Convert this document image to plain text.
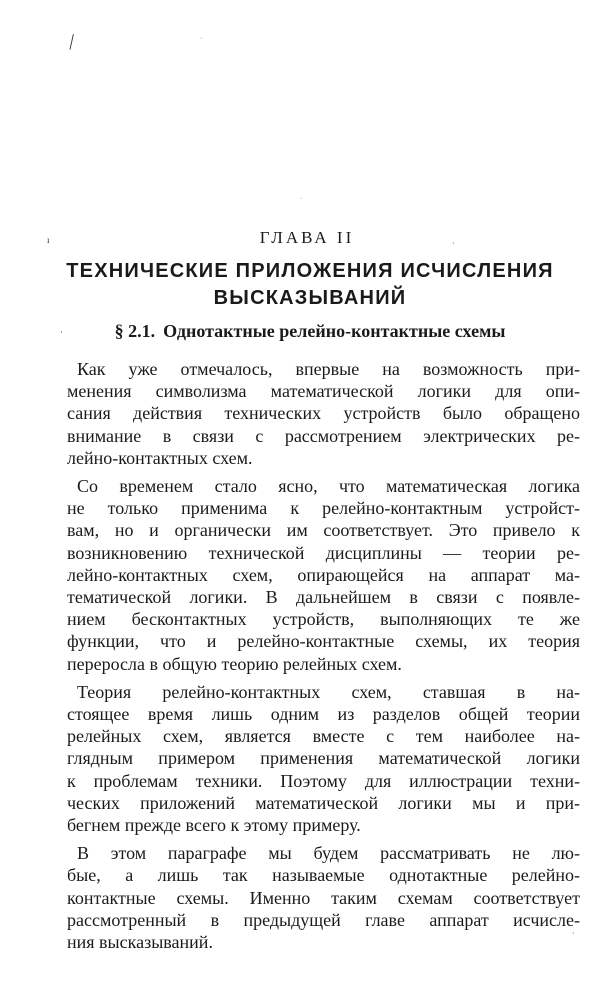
╲	·
·
ı	·
·
·
ГЛАВА II
ТЕХНИЧЕСКИЕ ПРИЛОЖЕНИЯ ИСЧИСЛЕНИЯ
ВЫСКАЗЫВАНИЙ
§ 2.1. Однотактные релейно-контактные схемы

Как уже отмечалось, впервые на возможность при-
менения символизма математической логики для опи-
сания действия технических устройств было обращено
внимание в связи с рассмотрением электрических ре-
лейно-контактных схем.

Со временем стало ясно, что математическая логика
не только применима к релейно-контактным устройст-
вам, но и органически им соответствует. Это привело к
возникновению технической дисциплины — теории ре-
лейно-контактных схем, опирающейся на аппарат ма-
тематической логики. В дальнейшем в связи с появле-
нием бесконтактных устройств, выполняющих те же
функции, что и релейно-контактные схемы, их теория
переросла в общую теорию релейных схем.

Теория релейно-контактных схем, ставшая в на-
стоящее время лишь одним из разделов общей теории
релейных схем, является вместе с тем наиболее на-
глядным примером применения математической логики
к проблемам техники. Поэтому для иллюстрации техни-
ческих приложений математической логики мы и при-
бегнем прежде всего к этому примеру.

В этом параграфе мы будем рассматривать не лю-
бые, а лишь так называемые однотактные релейно-
контактные схемы. Именно таким схемам соответствует
рассмотренный в предыдущей главе аппарат исчисле-
ния высказываний.
